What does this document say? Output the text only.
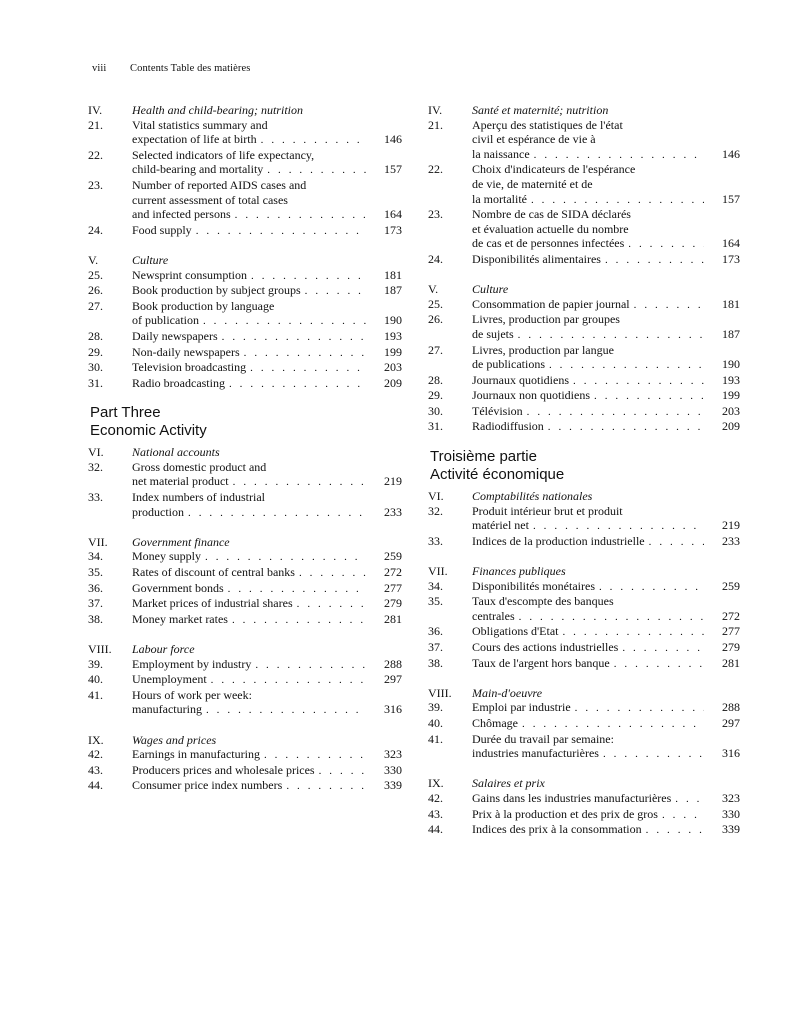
viii Contents Table des matières
IV.	Health and child-bearing; nutrition
21.	Vital statistics summary and
expectation of life at birth . . .	146
22.	Selected indicators of life expectancy,
child-bearing and mortality . . .	157
23.	Number of reported AIDS cases and
current assessment of total cases
and infected persons . . .	164
24.	Food supply . . .	173
V.	Culture
25.	Newsprint consumption . . .	181
26.	Book production by subject groups . . .	187
27.	Book production by language
of publication . . .	190
28.	Daily newspapers . . .	193
29.	Non-daily newspapers . . .	199
30.	Television broadcasting . . .	203
31.	Radio broadcasting . . .	209
Part Three
Economic Activity
VI.	National accounts
32.	Gross domestic product and
net material product . . .	219
33.	Index numbers of industrial
production . . .	233
VII.	Government finance
34.	Money supply . . .	259
35.	Rates of discount of central banks . . .	272
36.	Government bonds . . .	277
37.	Market prices of industrial shares . . .	279
38.	Money market rates . . .	281
VIII.	Labour force
39.	Employment by industry . . .	288
40.	Unemployment . . .	297
41.	Hours of work per week:
manufacturing . . .	316
IX.	Wages and prices
42.	Earnings in manufacturing . . .	323
43.	Producers prices and wholesale prices . . .	330
44.	Consumer price index numbers . . .	339
IV.	Santé et maternité; nutrition
21.	Aperçu des statistiques de l'état
civil et espérance de vie à
la naissance . . .	146
22.	Choix d'indicateurs de l'espérance
de vie, de maternité et de
la mortalité . . .	157
23.	Nombre de cas de SIDA déclarés
et évaluation actuelle du nombre
de cas et de personnes infectées . . .	164
24.	Disponibilités alimentaires . . .	173
V.	Culture
25.	Consommation de papier journal . . .	181
26.	Livres, production par groupes
de sujets . . .	187
27.	Livres, production par langue
de publications . . .	190
28.	Journaux quotidiens . . .	193
29.	Journaux non quotidiens . . .	199
30.	Télévision . . .	203
31.	Radiodiffusion . . .	209
Troisième partie
Activité économique
VI.	Comptabilités nationales
32.	Produit intérieur brut et produit
matériel net . . .	219
33.	Indices de la production industrielle . . .	233
VII.	Finances publiques
34.	Disponibilités monétaires . . .	259
35.	Taux d'escompte des banques
centrales . . .	272
36.	Obligations d'Etat . . .	277
37.	Cours des actions industrielles . . .	279
38.	Taux de l'argent hors banque . . .	281
VIII.	Main-d'oeuvre
39.	Emploi par industrie . . .	288
40.	Chômage . . .	297
41.	Durée du travail par semaine:
industries manufacturières . . .	316
IX.	Salaires et prix
42.	Gains dans les industries manufacturières . . .	323
43.	Prix à la production et des prix de gros . . .	330
44.	Indices des prix à la consommation . . .	339
